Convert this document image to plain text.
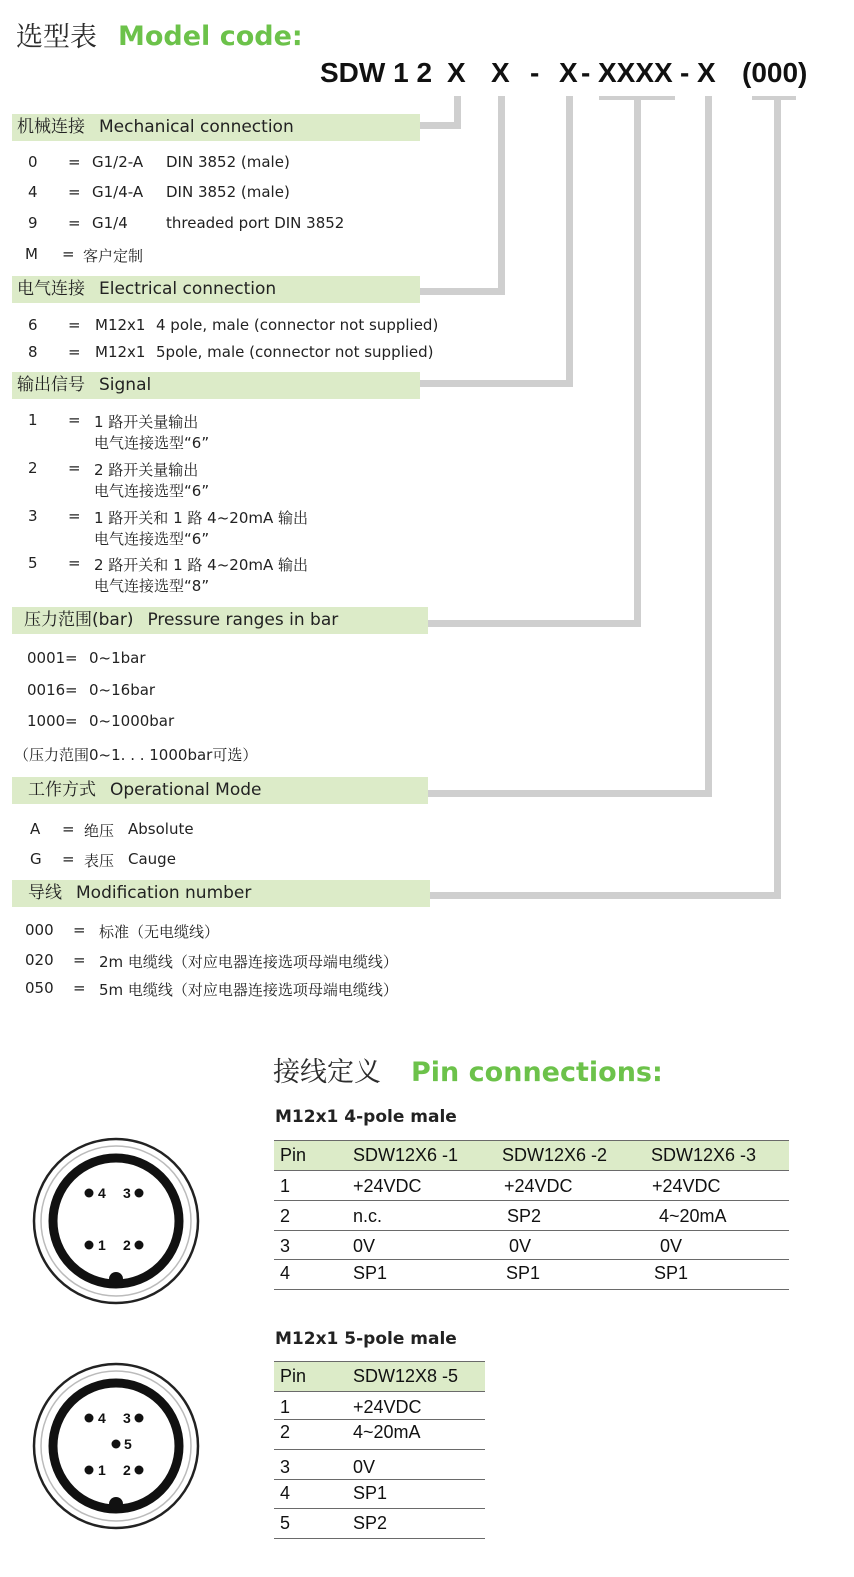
选型表 Model code:
SDW 1 2 X X - X - XXXX - X (000)
机械连接 Mechanical connection
0 = G1/2-A DIN 3852 (male)
4 = G1/4-A DIN 3852 (male)
9 = G1/4	threaded port DIN 3852
M = 客户定制
电气连接 Electrical connection
6 = M12x1 4 pole, male (connector not supplied)
8 = M12x1 5pole, male (connector not supplied)
输出信号 Signal
1 = 1 路开关量输出
电气连接选型“6”
2 = 2 路开关量输出
电气连接选型“6”
3 = 1 路开关和 1 路 4~20mA 输出
电气连接选型“6”
5 = 2 路开关和 1 路 4~20mA 输出
电气连接选型“8”
压力范围(bar) Pressure ranges in bar
0001 = 0~1bar
0016 = 0~16bar
1000 = 0~1000bar
（压力范围0~1. . . 1000bar可选）
工作方式 Operational Mode
A = 绝压 Absolute
G = 表压 Cauge
导线 Modification number
000 = 标准（无电缆线）
020 = 2m 电缆线（对应电器连接选项母端电缆线）
050 = 5m 电缆线（对应电器连接选项母端电缆线）
接线定义 Pin connections:
M12x1 4-pole male
4 3
1 2
Pin	SDW12X6 -1 SDW12X6 -2 SDW12X6 -3
1	+24VDC	+24VDC	+24VDC
2	n.c.	SP2	4~20mA
3	0V	0V	0V
4	SP1	SP1	SP1
M12x1 5-pole male
4 3
5
1 2
Pin	SDW12X8 -5
1	+24VDC
2	4~20mA
3	0V
4	SP1
5	SP2
